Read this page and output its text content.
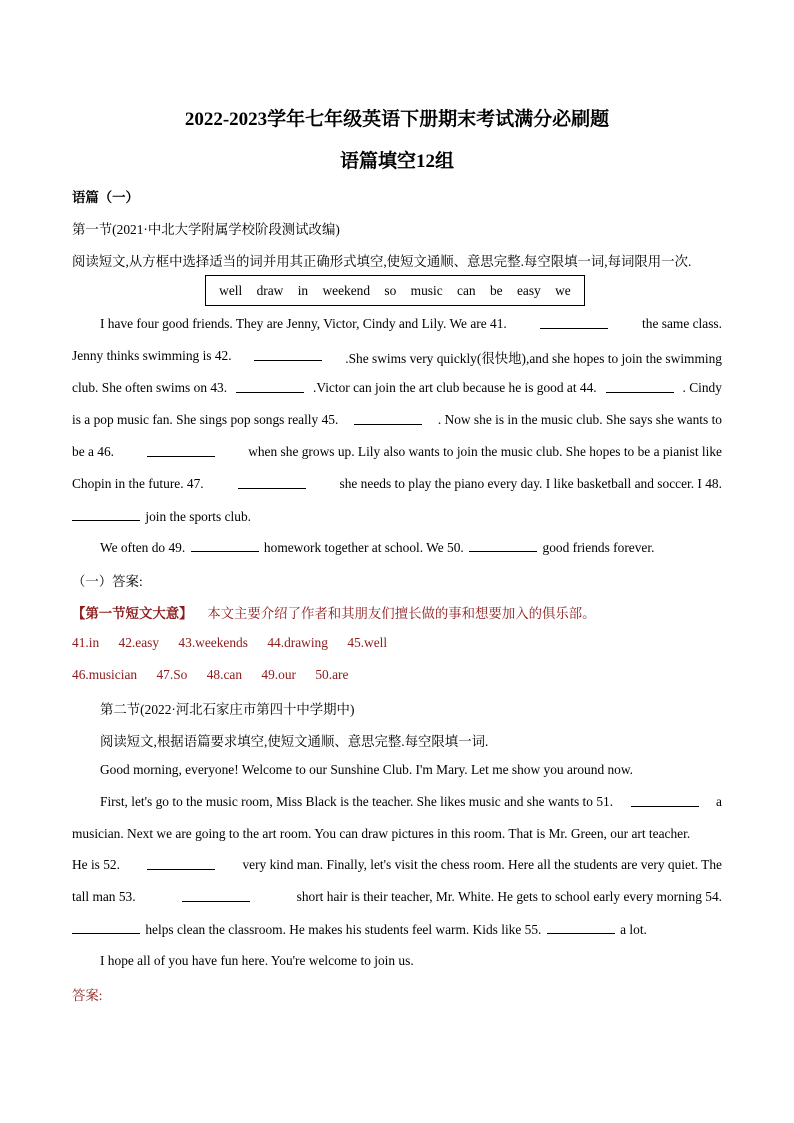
2022-2023学年七年级英语下册期末考试满分必刷题
语篇填空12组
语篇（一）
第一节(2021·中北大学附属学校阶段测试改编)
阅读短文,从方框中选择适当的词并用其正确形式填空,使短文通顺、意思完整.每空限填一词,每词限用一次.
well draw in weekend so music can be easy we
I have four good friends. They are Jenny, Victor, Cindy and Lily. We are 41.	the same class.
Jenny thinks swimming is 42.	.She swims very quickly(很快地),and she hopes to join the swimming
club. She often swims on 43.	.Victor can join the art club because he is good at 44.	. Cindy
is a pop music fan. She sings pop songs really 45.	. Now she is in the music club. She says she wants to
be a 46.	when she grows up. Lily also wants to join the music club. She hopes to be a pianist like
Chopin in the future. 47.	she needs to play the piano every day. I like basketball and soccer. I 48.
join the sports club.
We often do 49.	homework together at school. We 50.	good friends forever.
（一）答案:
【第一节短文大意】 本文主要介绍了作者和其朋友们擅长做的事和想要加入的俱乐部。
41.in 42.easy 43.weekends 44.drawing 45.well
46.musician 47.So 48.can 49.our 50.are
第二节(2022·河北石家庄市第四十中学期中)
阅读短文,根据语篇要求填空,使短文通顺、意思完整.每空限填一词.
Good morning, everyone! Welcome to our Sunshine Club. I'm Mary. Let me show you around now.
First, let's go to the music room, Miss Black is the teacher. She likes music and she wants to 51.	a
musician. Next we are going to the art room. You can draw pictures in this room. That is Mr. Green, our art teacher.
He is 52.	very kind man. Finally, let's visit the chess room. Here all the students are very quiet. The
tall man 53.	short hair is their teacher, Mr. White. He gets to school early every morning 54.
helps clean the classroom. He makes his students feel warm. Kids like 55.	a lot.
I hope all of you have fun here. You're welcome to join us.
答案:
